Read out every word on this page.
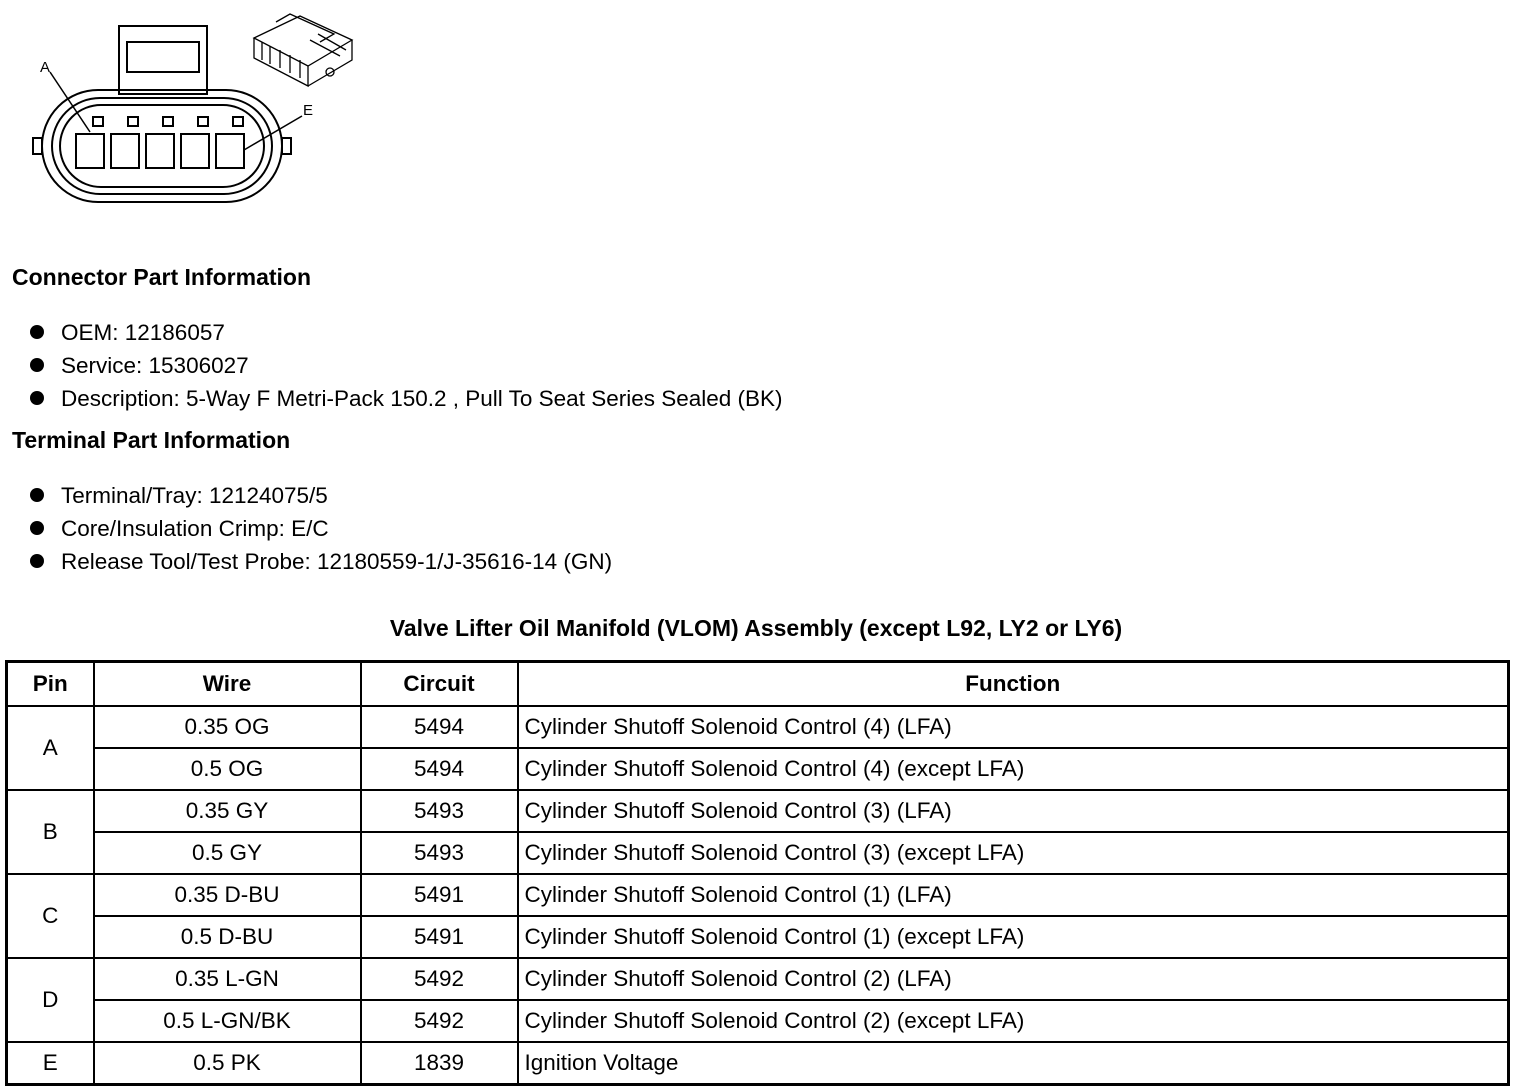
A
E
Connector Part Information
OEM: 12186057
Service: 15306027
Description: 5-Way F Metri-Pack 150.2 , Pull To Seat Series Sealed (BK)
Terminal Part Information
Terminal/Tray: 12124075/5
Core/Insulation Crimp: E/C
Release Tool/Test Probe: 12180559-1/J-35616-14 (GN)
Valve Lifter Oil Manifold (VLOM) Assembly (except L92, LY2 or LY6)
Pin	Wire	Circuit	Function
A	0.35 OG	5494	Cylinder Shutoff Solenoid Control (4) (LFA)
	0.5 OG	5494	Cylinder Shutoff Solenoid Control (4) (except LFA)
B	0.35 GY	5493	Cylinder Shutoff Solenoid Control (3) (LFA)
	0.5 GY	5493	Cylinder Shutoff Solenoid Control (3) (except LFA)
C	0.35 D-BU	5491	Cylinder Shutoff Solenoid Control (1) (LFA)
	0.5 D-BU	5491	Cylinder Shutoff Solenoid Control (1) (except LFA)
D	0.35 L-GN	5492	Cylinder Shutoff Solenoid Control (2) (LFA)
	0.5 L-GN/BK	5492	Cylinder Shutoff Solenoid Control (2) (except LFA)
E	0.5 PK	1839	Ignition Voltage
